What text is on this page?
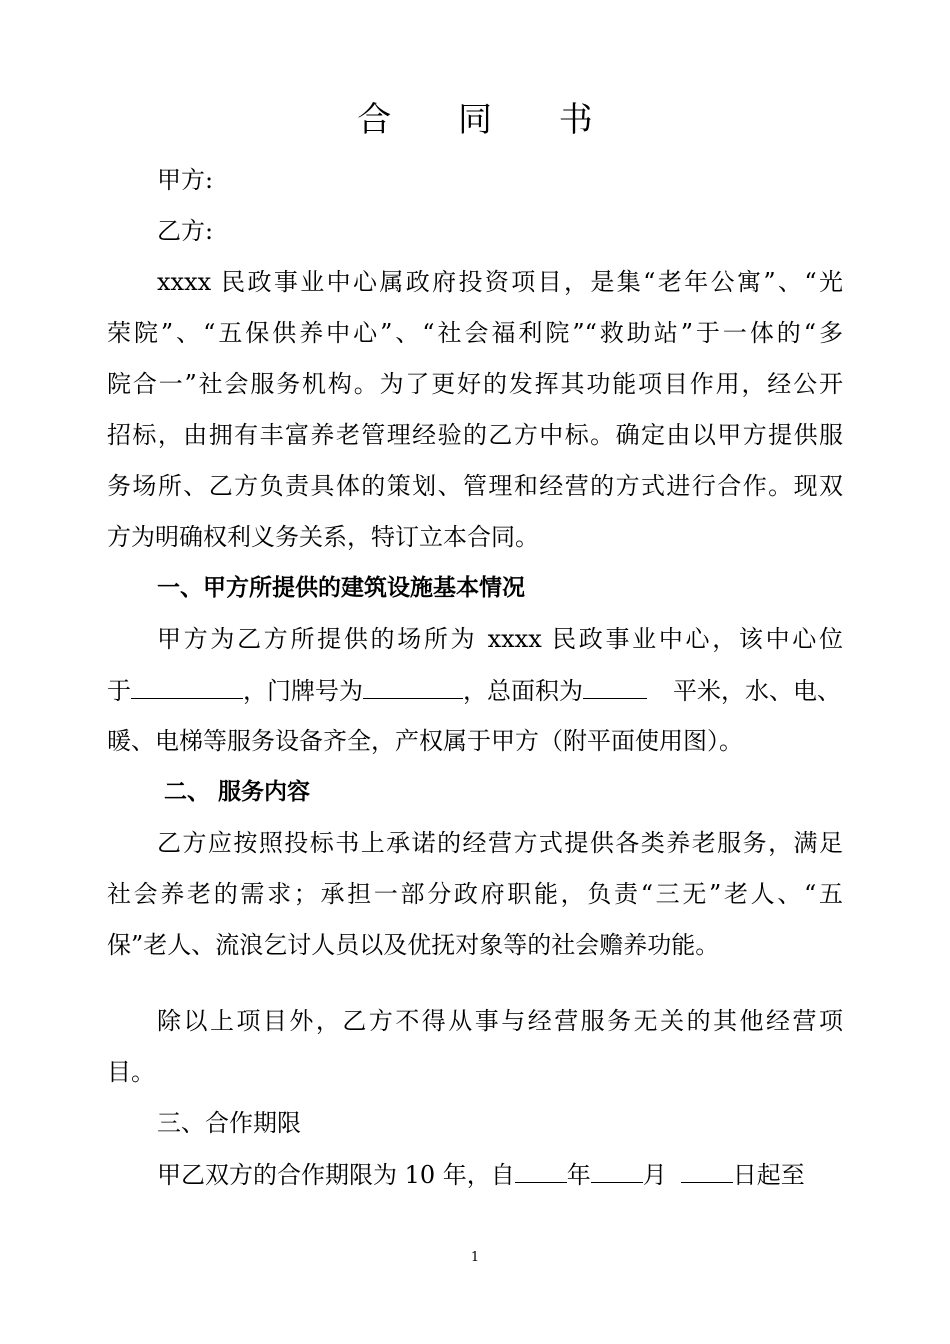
合 同 书
甲方:
乙方:
xxxx 民政事业中心属政府投资项目，是集“老年公寓”、“光
荣院”、“五保供养中心”、“社会福利院”“救助站”于一体的“多
院合一”社会服务机构。为了更好的发挥其功能项目作用，经公开
招标，由拥有丰富养老管理经验的乙方中标。确定由以甲方提供服
务场所、乙方负责具体的策划、管理和经营的方式进行合作。现双
方为明确权利义务关系，特订立本合同。
一、甲方所提供的建筑设施基本情况
甲方为乙方所提供的场所为 xxxx 民政事业中心，该中心位
于	，门牌号为	，总面积为	平米，水、电、
暖、电梯等服务设备齐全，产权属于甲方（附平面使用图）。
二、 服务内容
乙方应按照投标书上承诺的经营方式提供各类养老服务，满足
社会养老的需求；承担一部分政府职能，负责“三无”老人、“五
保”老人、流浪乞讨人员以及优抚对象等的社会赡养功能。
除以上项目外，乙方不得从事与经营服务无关的其他经营项
目。
三、合作期限
甲乙双方的合作期限为 10 年，自 年 月	日起至
1
